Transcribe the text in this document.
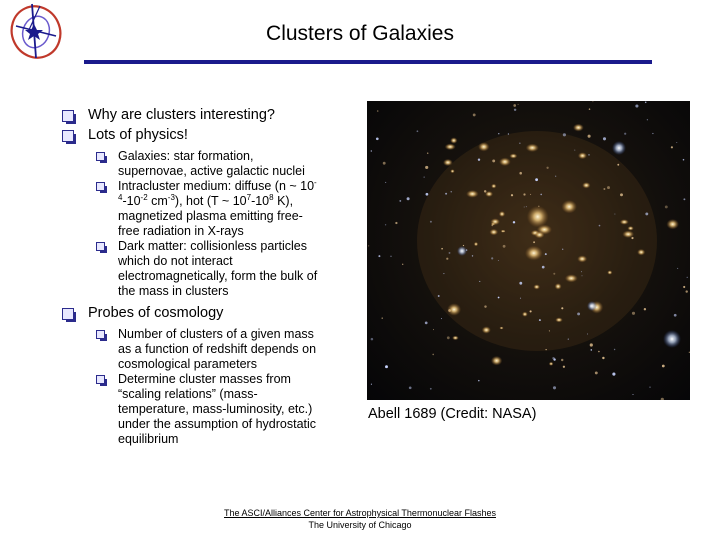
Clusters of Galaxies
Why are clusters interesting?
Lots of physics!
Galaxies: star formation, supernovae, active galactic nuclei
Intracluster medium: diffuse (n ~ $10^{-4}-10^{-2}$ $cm^{-3}$), hot (T ~ $10^7-10^8$ K), magnetized plasma emitting free-free radiation in X-rays
Dark matter: collisionless particles which do not interact electromagnetically, form the bulk of the mass in clusters
Probes of cosmology
Number of clusters of a given mass as a function of redshift depends on cosmological parameters
Determine cluster masses from “scaling relations” (mass-temperature, mass-luminosity, etc.) under the assumption of hydrostatic equilibrium
Abell 1689 (Credit: NASA)
The ASCI/Alliances Center for Astrophysical Thermonuclear Flashes
The University of Chicago
